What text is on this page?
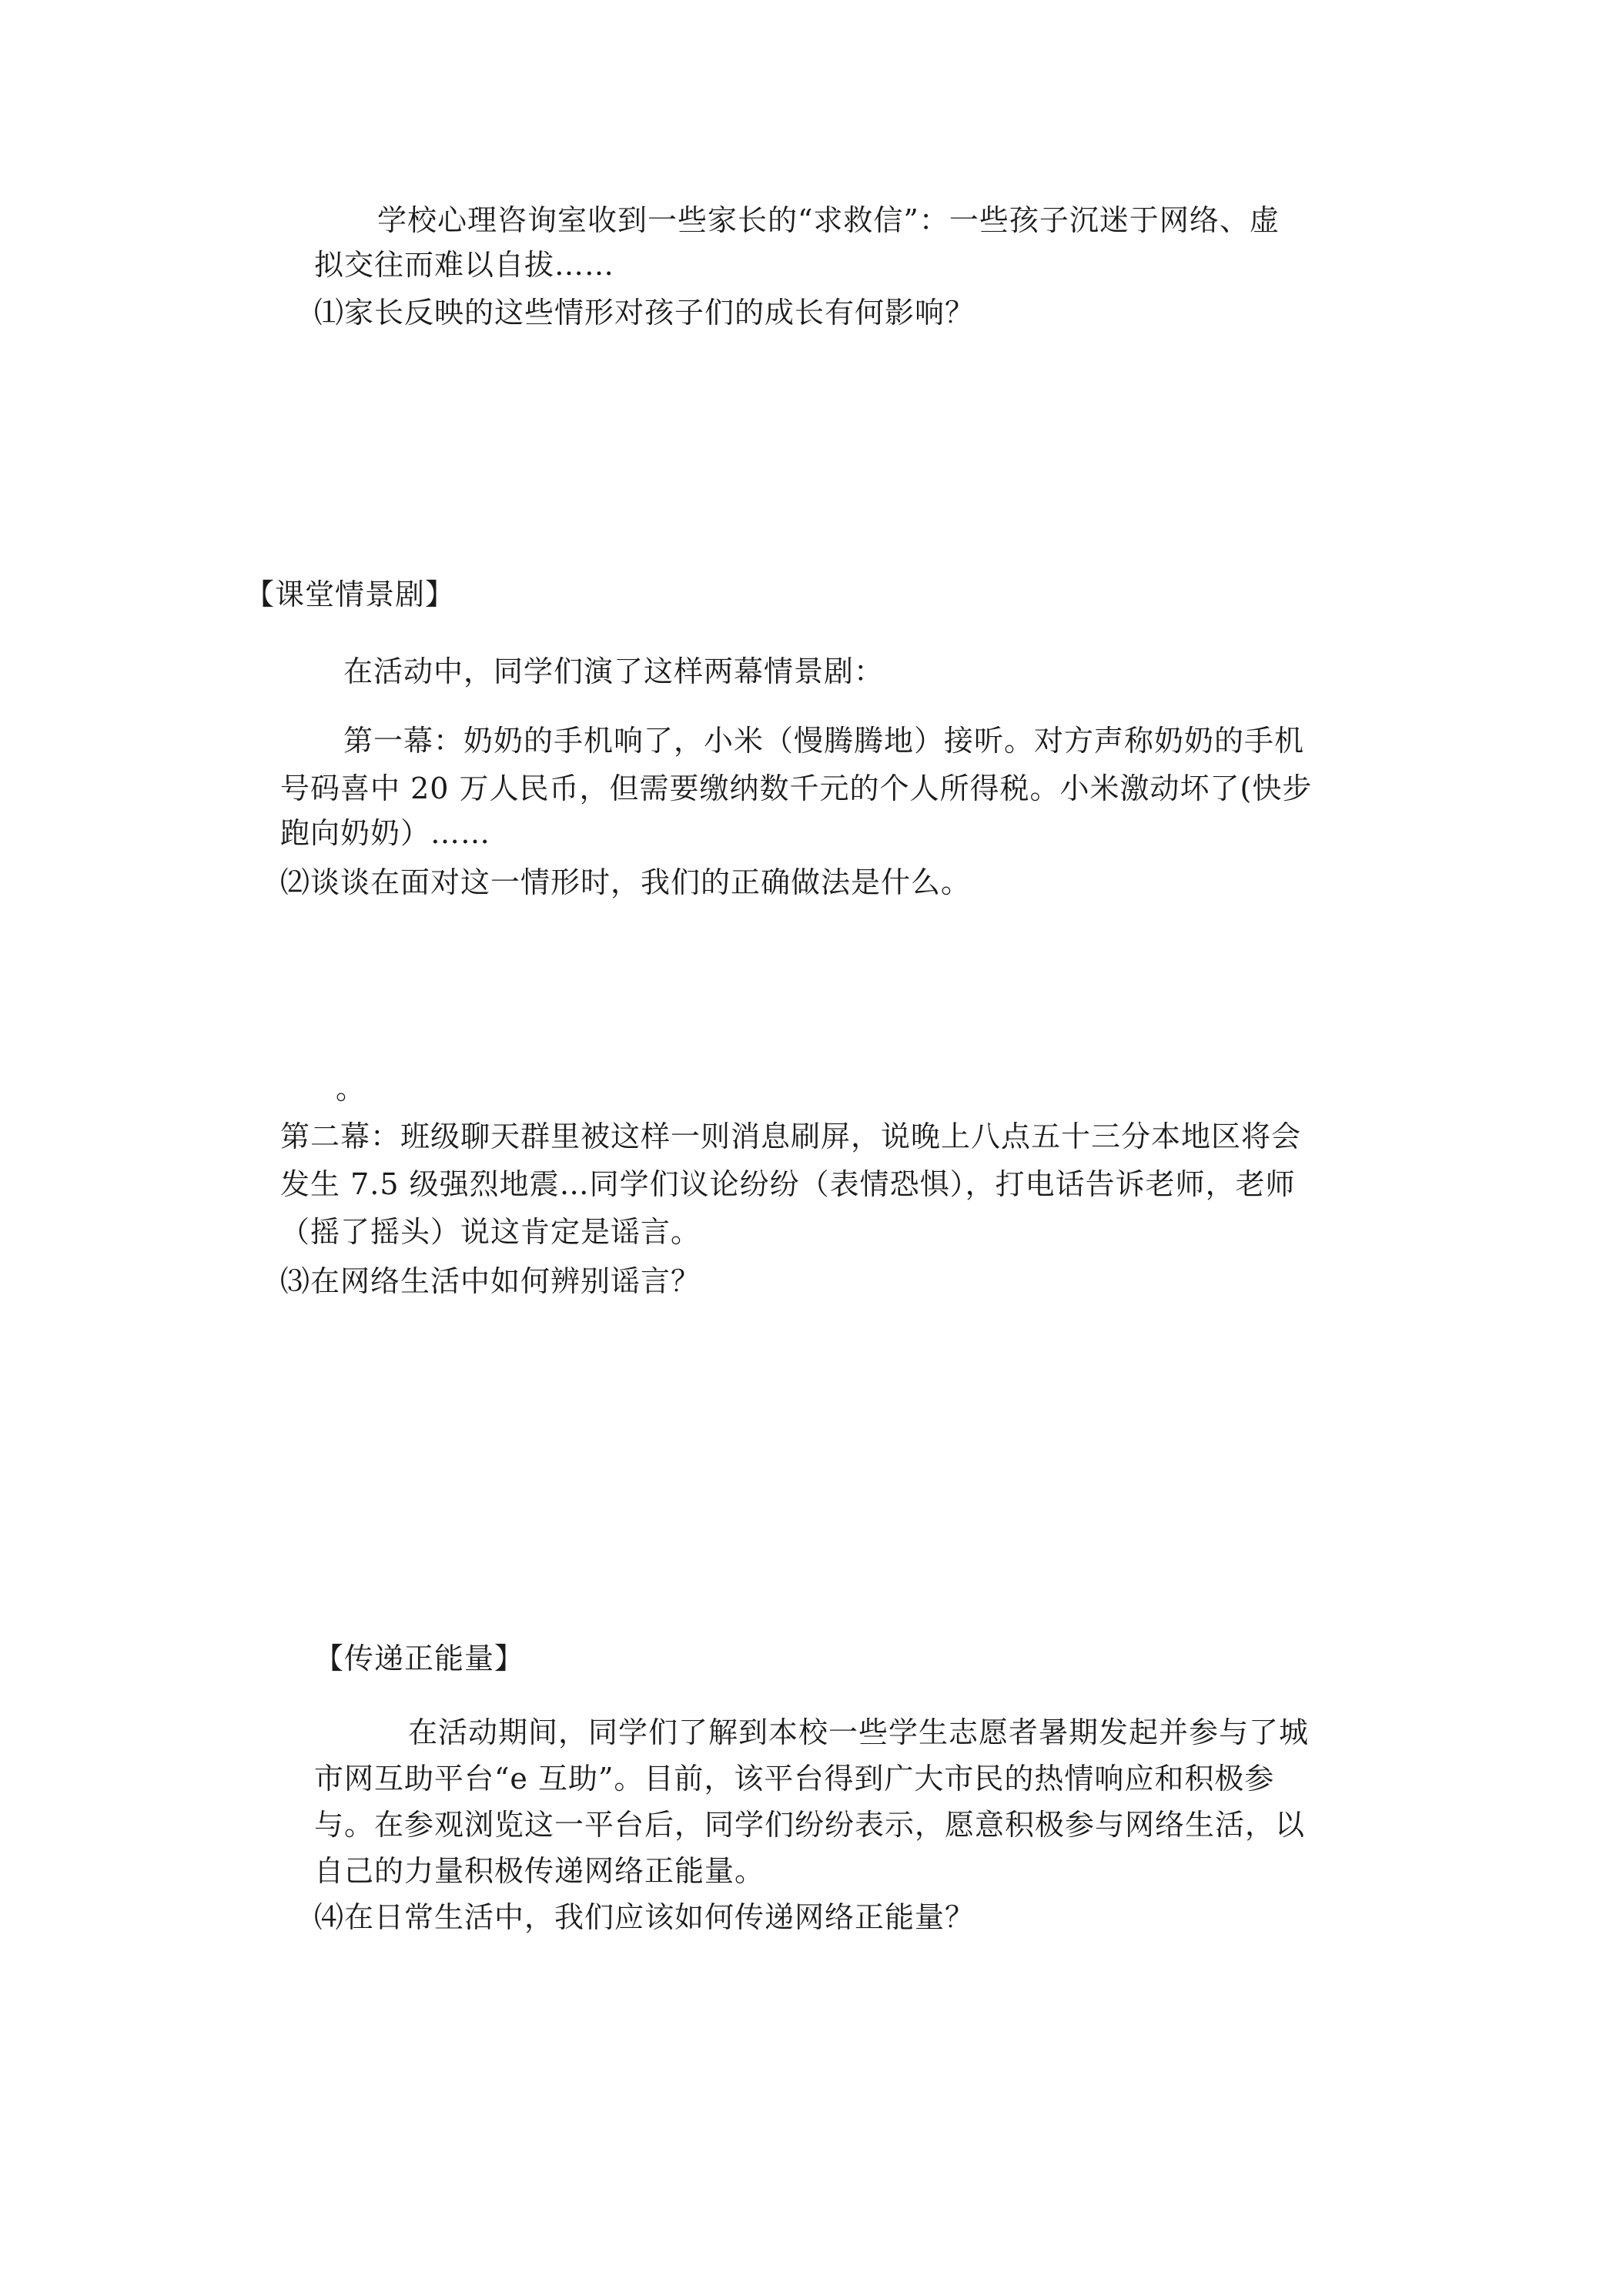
学校心理咨询室收到一些家长的“求救信”：一些孩子沉迷于网络、虚
拟交往而难以自拔……
⑴家长反映的这些情形对孩子们的成长有何影响？
【课堂情景剧】
在活动中，同学们演了这样两幕情景剧：
第一幕：奶奶的手机响了，小米（慢腾腾地）接听。对方声称奶奶的手机
号码喜中 20 万人民币，但需要缴纳数千元的个人所得税。小米激动坏了(快步
跑向奶奶）……
⑵谈谈在面对这一情形时，我们的正确做法是什么。
。
第二幕：班级聊天群里被这样一则消息刷屏，说晚上八点五十三分本地区将会
发生 7.5 级强烈地震…同学们议论纷纷（表情恐惧），打电话告诉老师，老师
（摇了摇头）说这肯定是谣言。
⑶在网络生活中如何辨别谣言？
【传递正能量】
在活动期间，同学们了解到本校一些学生志愿者暑期发起并参与了城
市网互助平台“e 互助”。目前，该平台得到广大市民的热情响应和积极参
与。在参观浏览这一平台后，同学们纷纷表示，愿意积极参与网络生活，以
自己的力量积极传递网络正能量。
⑷在日常生活中，我们应该如何传递网络正能量？
